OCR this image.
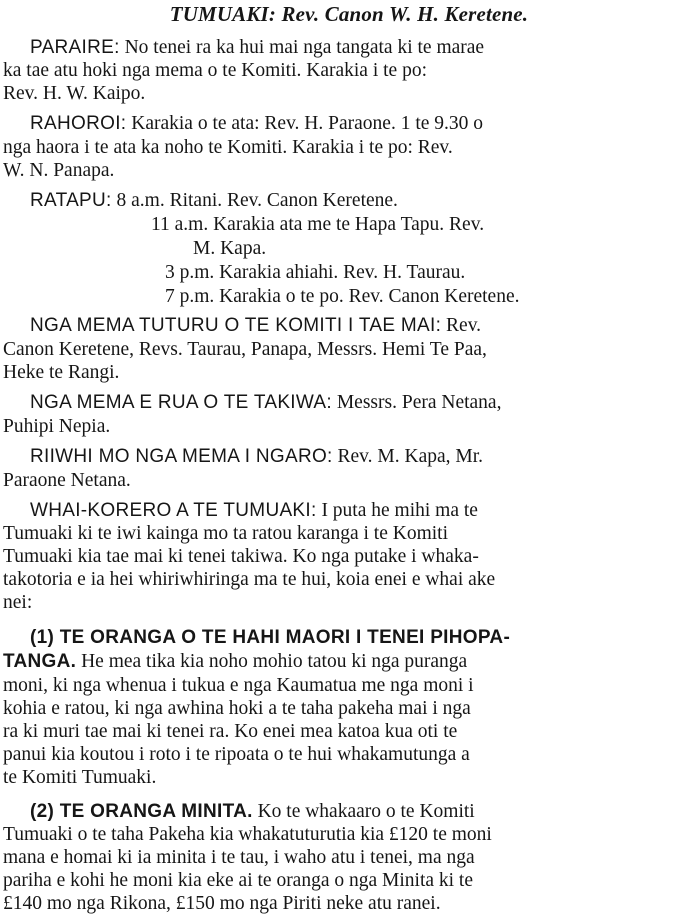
TUMUAKI: Rev. Canon W. H. Keretene.
PARAIRE: No tenei ra ka hui mai nga tangata ki te marae
ka tae atu hoki nga mema o te Komiti. Karakia i te po:
Rev. H. W. Kaipo.
RAHOROI: Karakia o te ata: Rev. H. Paraone. 1 te 9.30 o
nga haora i te ata ka noho te Komiti. Karakia i te po: Rev.
W. N. Panapa.
RATAPU: 8 a.m. Ritani. Rev. Canon Keretene.
11 a.m. Karakia ata me te Hapa Tapu. Rev.
M. Kapa.
3 p.m. Karakia ahiahi. Rev. H. Taurau.
7 p.m. Karakia o te po. Rev. Canon Keretene.
NGA MEMA TUTURU O TE KOMITI I TAE MAI: Rev.
Canon Keretene, Revs. Taurau, Panapa, Messrs. Hemi Te Paa,
Heke te Rangi.
NGA MEMA E RUA O TE TAKIWA: Messrs. Pera Netana,
Puhipi Nepia.
RIIWHI MO NGA MEMA I NGARO: Rev. M. Kapa, Mr.
Paraone Netana.
WHAI-KORERO A TE TUMUAKI: I puta he mihi ma te
Tumuaki ki te iwi kainga mo ta ratou karanga i te Komiti
Tumuaki kia tae mai ki tenei takiwa. Ko nga putake i whaka-
takotoria e ia hei whiriwhiringa ma te hui, koia enei e whai ake
nei:
(1) TE ORANGA O TE HAHI MAORI I TENEI PIHOPA-
TANGA. He mea tika kia noho mohio tatou ki nga puranga
moni, ki nga whenua i tukua e nga Kaumatua me nga moni i
kohia e ratou, ki nga awhina hoki a te taha pakeha mai i nga
ra ki muri tae mai ki tenei ra. Ko enei mea katoa kua oti te
panui kia koutou i roto i te ripoata o te hui whakamutunga a
te Komiti Tumuaki.
(2) TE ORANGA MINITA. Ko te whakaaro o te Komiti
Tumuaki o te taha Pakeha kia whakatuturutia kia £120 te moni
mana e homai ki ia minita i te tau, i waho atu i tenei, ma nga
pariha e kohi he moni kia eke ai te oranga o nga Minita ki te
£140 mo nga Rikona, £150 mo nga Piriti neke atu ranei.
